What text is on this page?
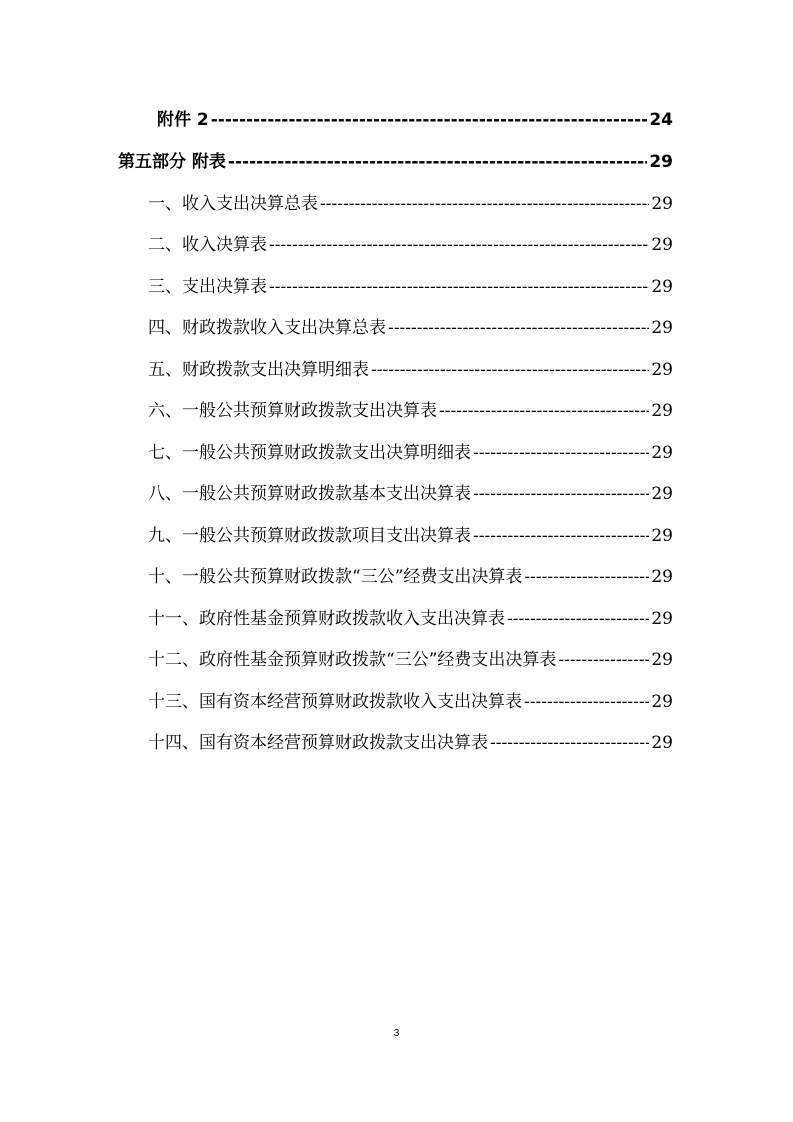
附件 2 -----	24
第五部分 附表 -----	29
一、收入支出决算总表 -----	29
二、收入决算表 -----	29
三、支出决算表 -----	29
四、财政拨款收入支出决算总表 -----	29
五、财政拨款支出决算明细表 -----	29
六、一般公共预算财政拨款支出决算表 -----	29
七、一般公共预算财政拨款支出决算明细表 -----	29
八、一般公共预算财政拨款基本支出决算表 -----	29
九、一般公共预算财政拨款项目支出决算表 -----	29
十、一般公共预算财政拨款“三公”经费支出决算表 -----	29
十一、政府性基金预算财政拨款收入支出决算表 -----	29
十二、政府性基金预算财政拨款“三公”经费支出决算表 -----	29
十三、国有资本经营预算财政拨款收入支出决算表 -----	29
十四、国有资本经营预算财政拨款支出决算表 -----	29
3
